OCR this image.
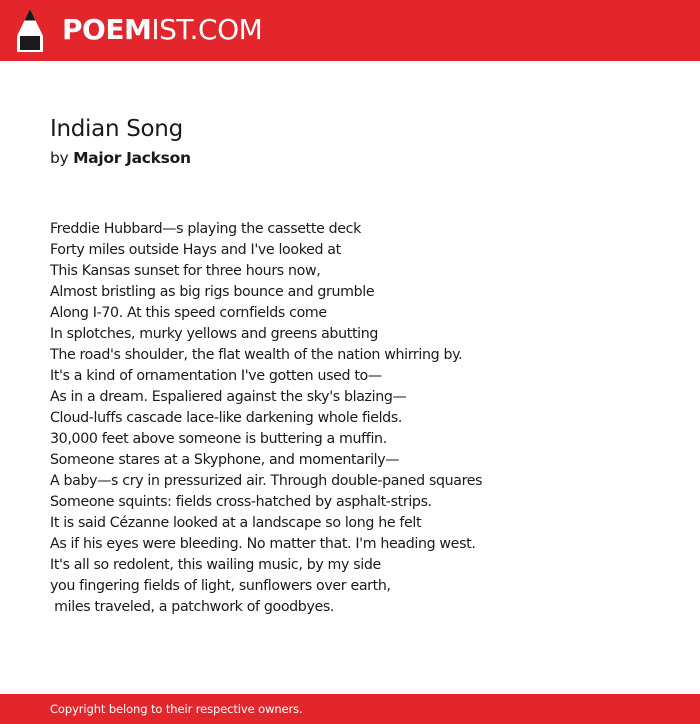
POEMIST.COM
Indian Song
by Major Jackson
Freddie Hubbard—s playing the cassette deck
Forty miles outside Hays and I've looked at
This Kansas sunset for three hours now,
Almost bristling as big rigs bounce and grumble
Along I-70. At this speed cornfields come
In splotches, murky yellows and greens abutting
The road's shoulder, the flat wealth of the nation whirring by.
It's a kind of ornamentation I've gotten used to—
As in a dream. Espaliered against the sky's blazing—
Cloud-luffs cascade lace-like darkening whole fields.
30,000 feet above someone is buttering a muffin.
Someone stares at a Skyphone, and momentarily—
A baby—s cry in pressurized air. Through double-paned squares
Someone squints: fields cross-hatched by asphalt-strips.
It is said Cézanne looked at a landscape so long he felt
As if his eyes were bleeding. No matter that. I'm heading west.
It's all so redolent, this wailing music, by my side
you fingering fields of light, sunflowers over earth,
miles traveled, a patchwork of goodbyes.
Copyright belong to their respective owners.
